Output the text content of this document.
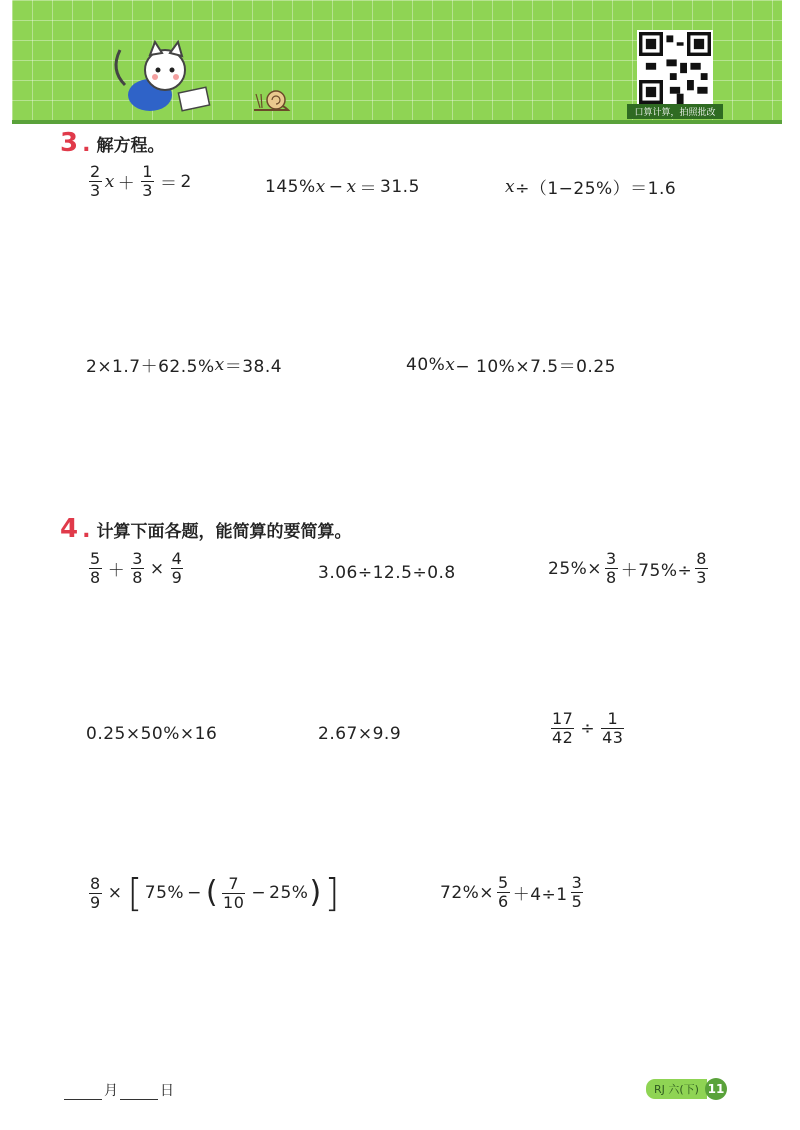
口算计算，拍照批改
3 . 解方程。
$\frac{2}{3}$ $x + \frac{1}{3} = 2$	145% x − x ＝ 31.5	x ÷（1−25%）＝1.6
2×1.7＋62.5% x ＝38.4	40% x − 10%×7.5＝0.25
4 . 计算下面各题，能简算的要简算。
$\frac{5}{8} + \frac{3}{8} \times \frac{4}{9}$	3.06÷12.5÷0.8	$25\%\times \frac{3}{8} +75\%\div \frac{8}{3}$
0.25×50%×16	2.67×9.9	$\frac{17}{42} \div \frac{1}{43}$
$\frac{8}{9}$ × [ 75% − ( $\frac{7}{10} - 25\%$ ) ]	$72\%\times \frac{5}{6} +4\div 1 \frac{3}{5}$
月	日	RJ 六(下) 11
